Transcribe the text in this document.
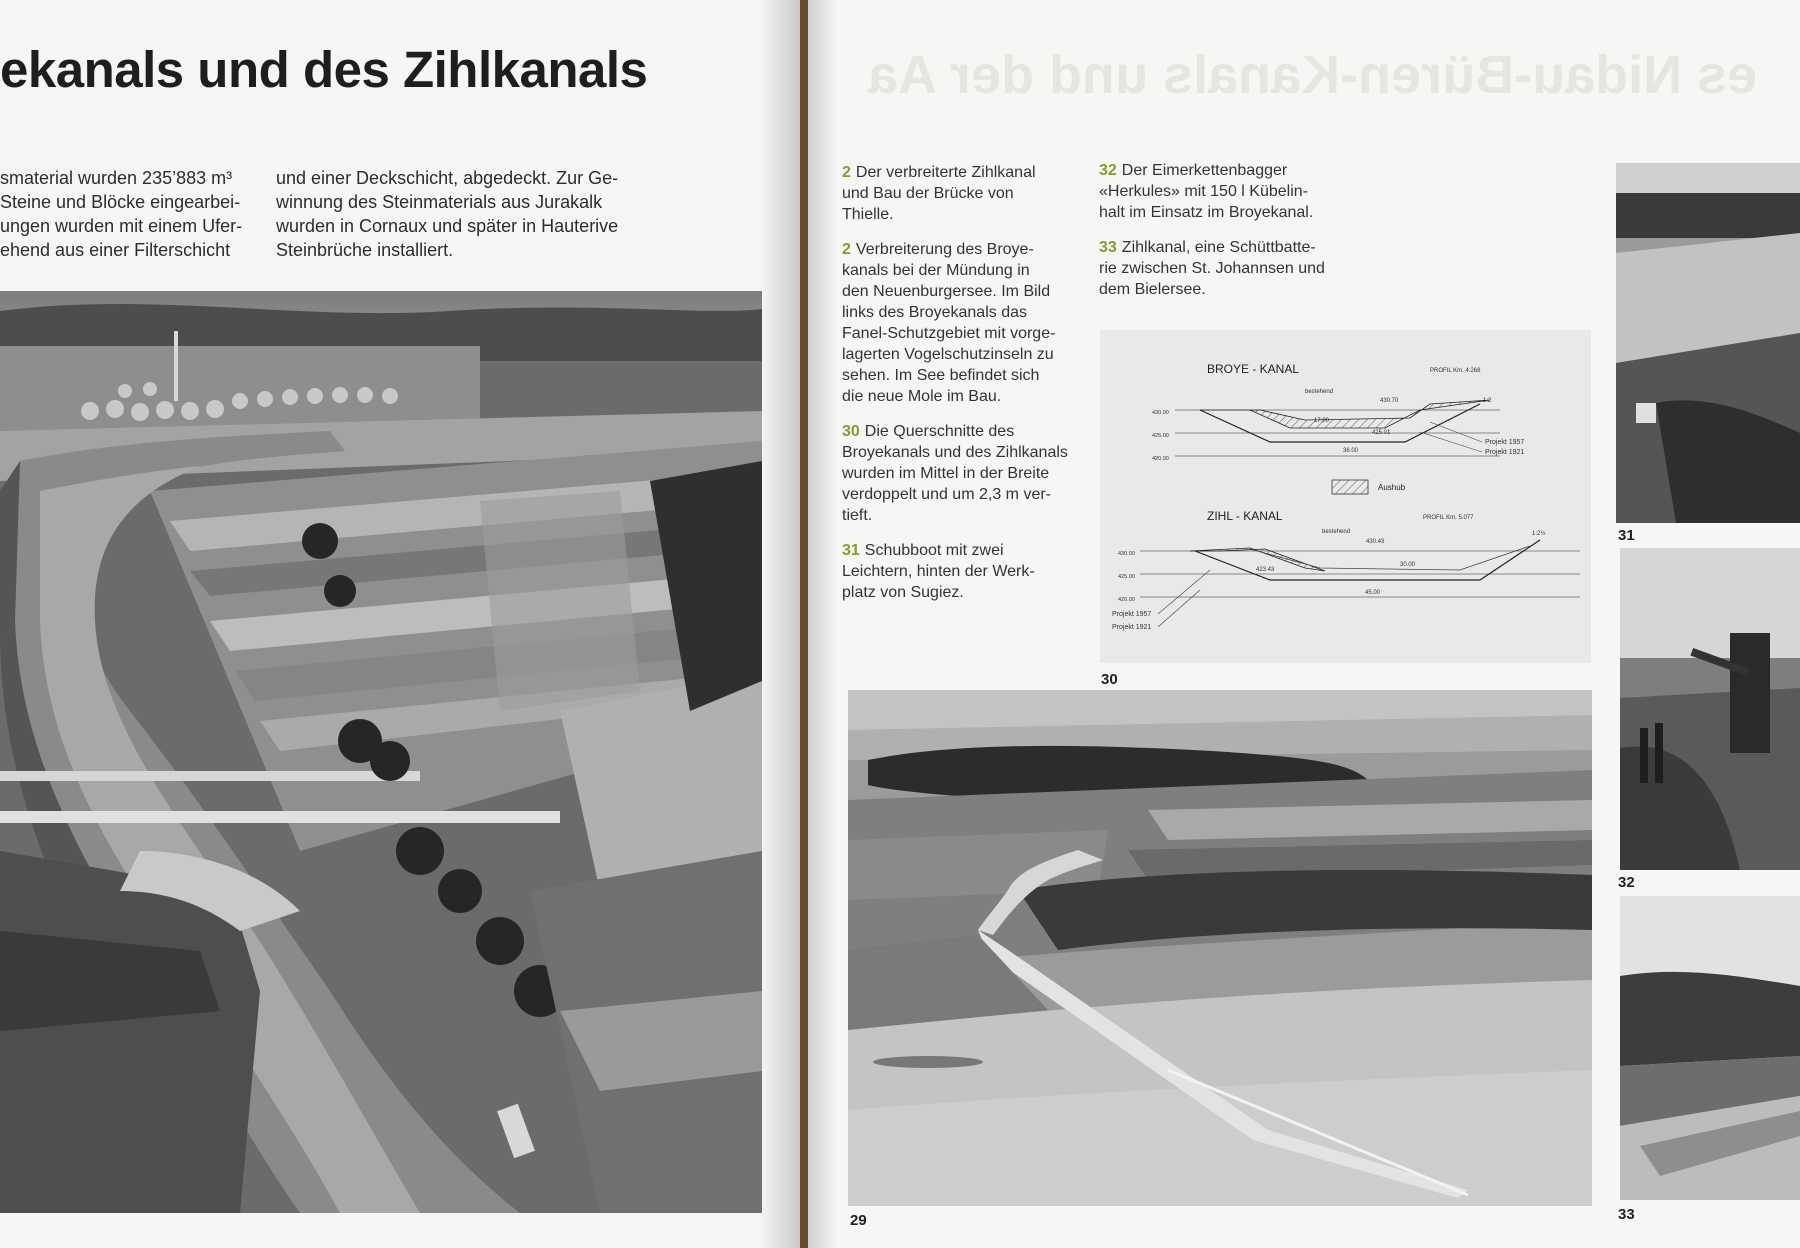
ekanals und des Zihlkanals
smaterial wurden 235’883 m³
Steine und Blöcke eingearbei-
ungen wurden mit einem Ufer-
ehend aus einer Filterschicht
und einer Deckschicht, abgedeckt. Zur Ge-
winnung des Steinmaterials aus Jurakalk
wurden in Cornaux und später in Hauterive
Steinbrüche installiert.
es Nidau-Büren-Kanals und der Aa

2 Der verbreiterte Zihlkanal
und Bau der Brücke von
Thielle.

2 Verbreiterung des Broye-
kanals bei der Mündung in
den Neuenburgersee. Im Bild
links des Broyekanals das
Fanel-Schutzgebiet mit vorge-
lagerten Vogelschutzinseln zu
sehen. Im See befindet sich
die neue Mole im Bau.

30 Die Querschnitte des
Broyekanals und des Zihlkanals
wurden im Mittel in der Breite
verdoppelt und um 2,3 m ver-
tieft.

31 Schubboot mit zwei
Leichtern, hinten der Werk-
platz von Sugiez.

32 Der Eimerkettenbagger
«Herkules» mit 150 l Kübelin-
halt im Einsatz im Broyekanal.

33 Zihlkanal, eine Schüttbatte-
rie zwischen St. Johannsen und
dem Bielersee.

BROYE - KANAL	PROFIL Km. 4.268
bestehend
430.70
430.00
425.00
420.00
17.00
425.01
36.00
1:2
Projekt 1957
Projekt 1921
Aushub
ZIHL - KANAL	PROFIL Km. 5.077
bestehend
430.43
430.00
425.00
420.00
423.43
30.00
45.00
1:2½
Projekt 1957
Projekt 1921
30
29
31
32
33
